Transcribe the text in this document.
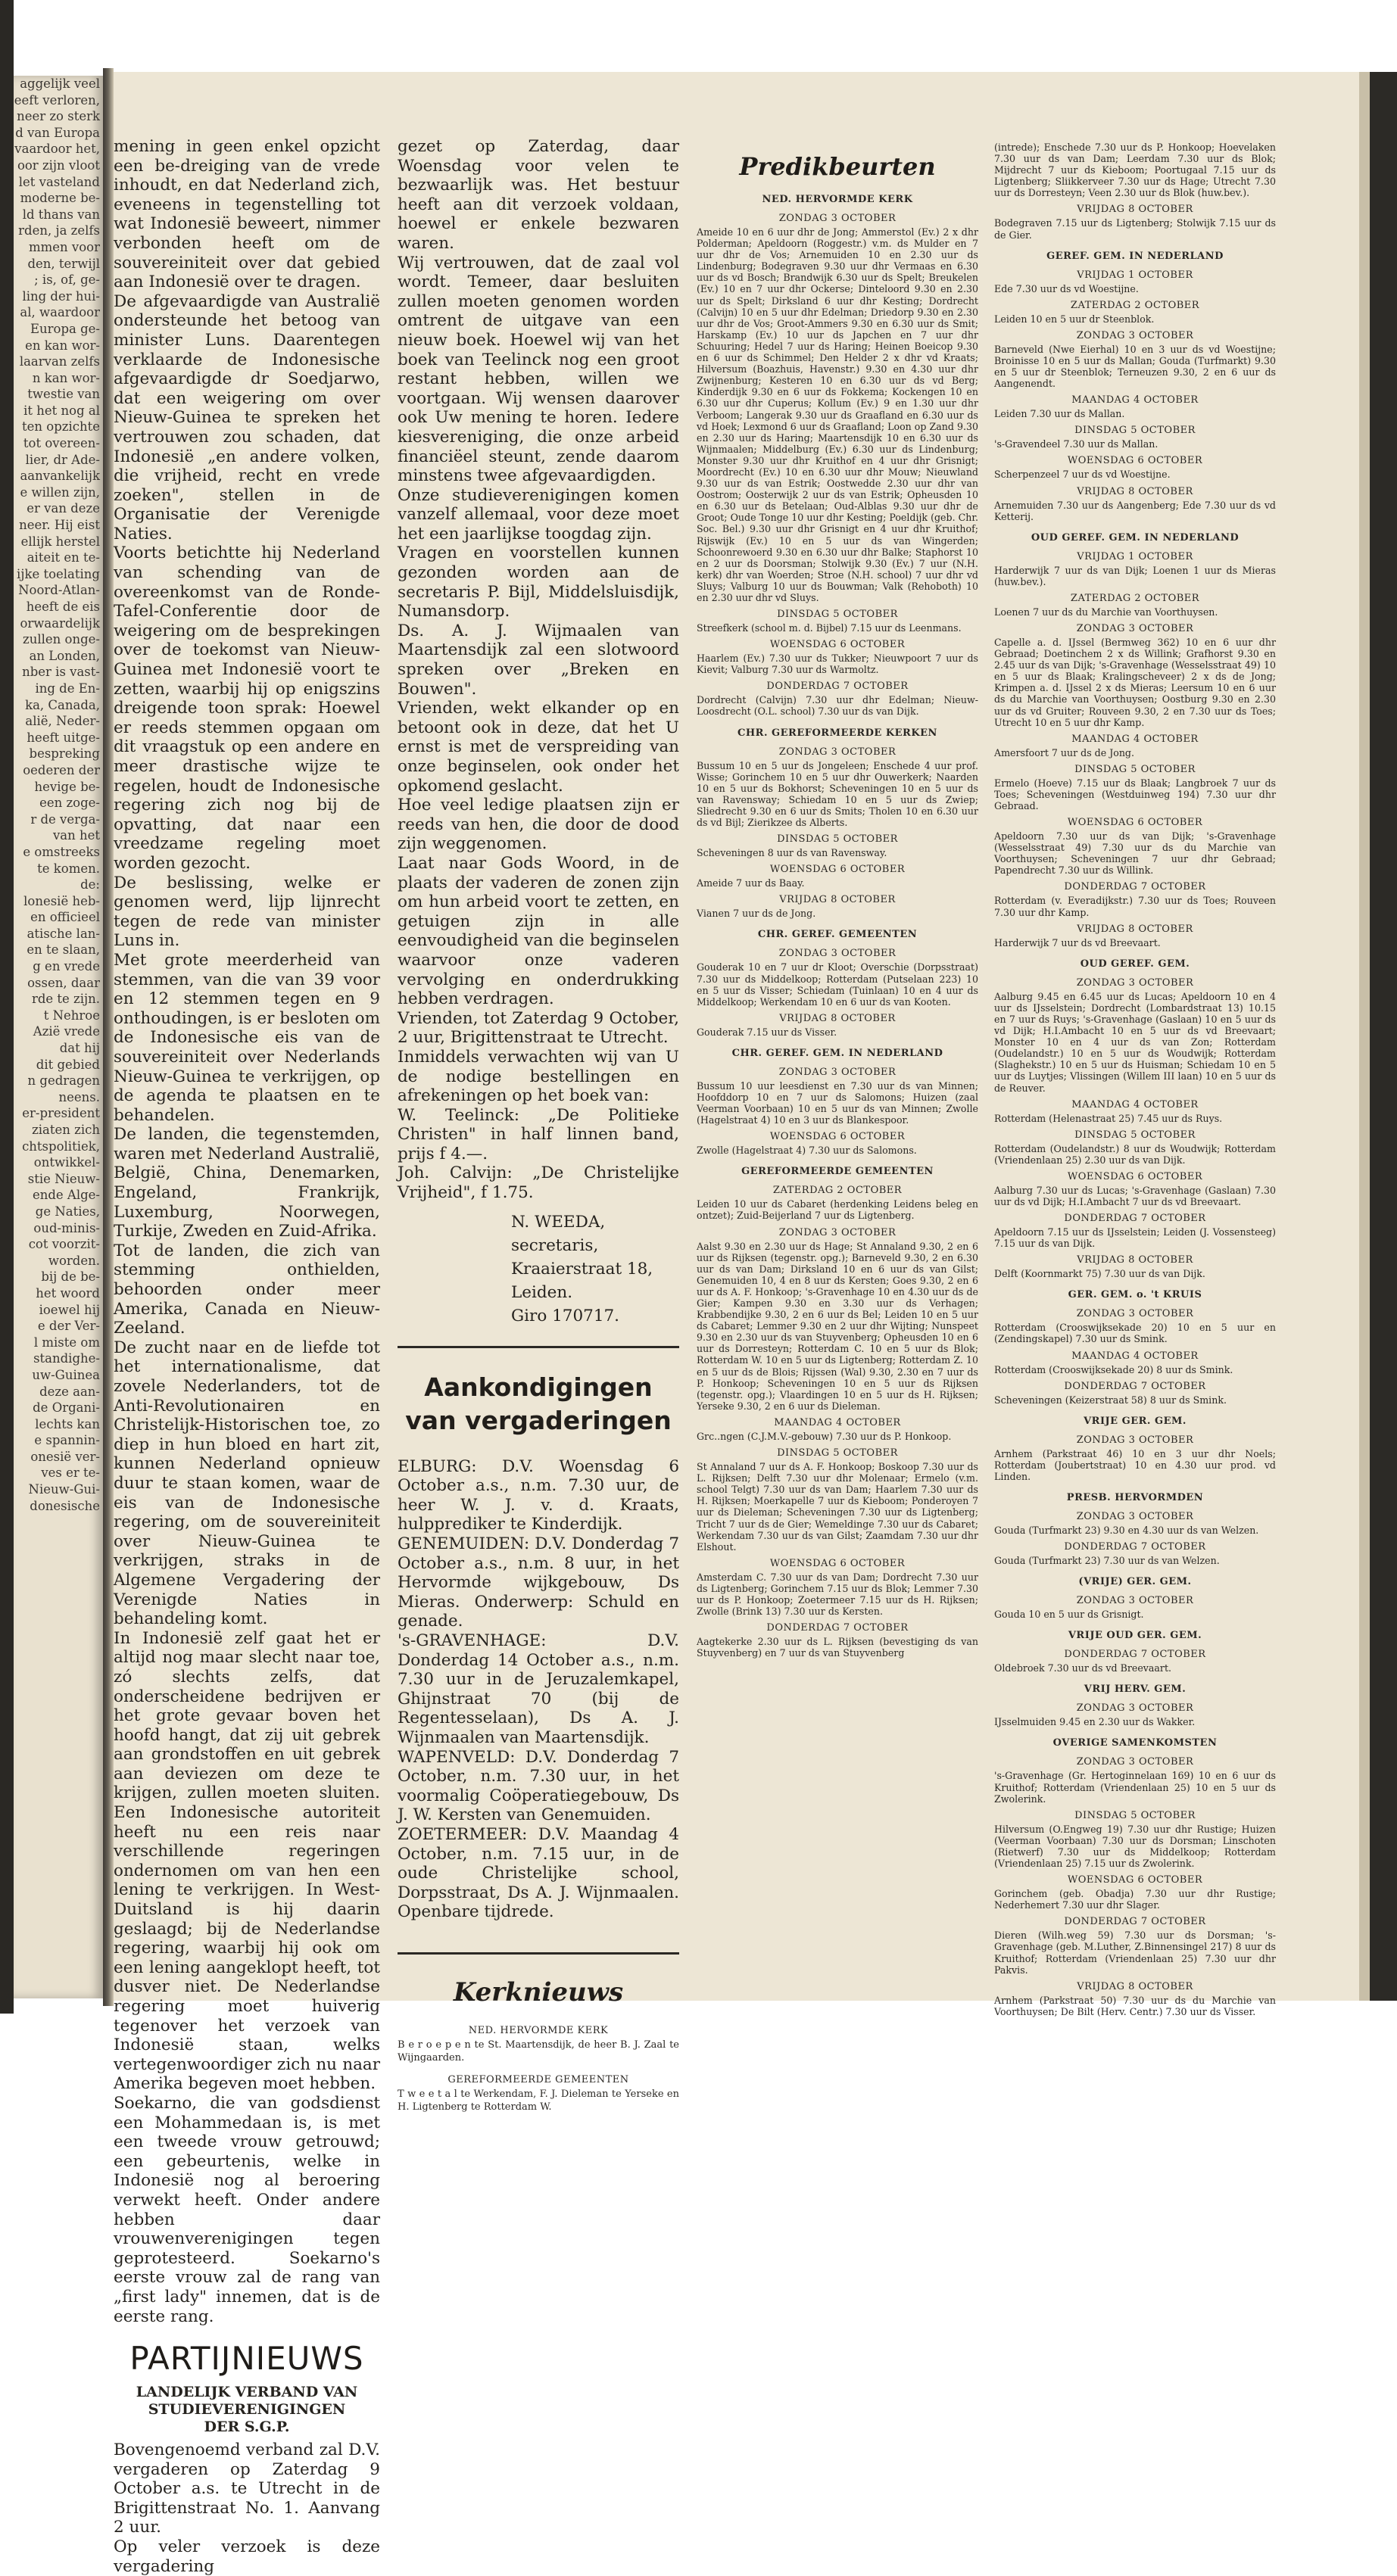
aggelijk veel
eeft verloren,
neer zo sterk
d van Europa
vaardoor het,
oor zijn vloot
let vasteland
moderne be-
ld thans van
rden, ja zelfs
mmen voor
den, terwijl
; is, of, ge-
ling der hui-
al, waardoor
Europa ge-
en kan wor-
laarvan zelfs
n kan wor-
twestie van
it het nog al
ten opzichte
tot overeen-
lier, dr Ade-
aanvankelijk
e willen zijn,
er van deze
neer. Hij eist
ellijk herstel
aiteit en te-
ijke toelating
Noord-Atlan-
heeft de eis
orwaardelijk
zullen onge-
an Londen,
nber is vast-
ing de En-
ka, Canada,
alië, Neder-
heeft uitge-
bespreking
oederen der
hevige be-
een zoge-
r de verga-
van het
e omstreeks
te komen.
de:
lonesië heb-
en officieel
atische lan-
en te slaan,
g en vrede
ossen, daar
rde te zijn.
t Nehroe
Azië vrede
dat hij
dit gebied
n gedragen
neens.
er-president
ziaten zich
chtspolitiek,
ontwikkel-
stie Nieuw-
ende Alge-
ge Naties,
oud-minis-
cot voorzit-
worden.
bij de be-
het woord
ioewel hij
e der Ver-
l miste om
standighe-
uw-Guinea
deze aan-
de Organi-
lechts kan
e spannin-
onesië ver-
ves er te-
Nieuw-Gui-
donesische

mening in geen enkel opzicht een be-dreiging van de vrede inhoudt, en dat Nederland zich, eveneens in tegenstelling tot wat Indonesië beweert, nimmer verbonden heeft om de souvereiniteit over dat gebied aan Indonesië over te dragen.

De afgevaardigde van Australië ondersteunde het betoog van minister Luns. Daarentegen verklaarde de Indonesische afgevaardigde dr Soedjarwo, dat een weigering om over Nieuw-Guinea te spreken het vertrouwen zou schaden, dat Indonesië „en andere volken, die vrijheid, recht en vrede zoeken", stellen in de Organisatie der Verenigde Naties.

Voorts betichtte hij Nederland van schending van de overeenkomst van de Ronde-Tafel-Conferentie door de weigering om de besprekingen over de toekomst van Nieuw-Guinea met Indonesië voort te zetten, waarbij hij op enigszins dreigende toon sprak: Hoewel er reeds stemmen opgaan om dit vraagstuk op een andere en meer drastische wijze te regelen, houdt de Indonesische regering zich nog bij de opvatting, dat naar een vreedzame regeling moet worden gezocht.

De beslissing, welke er genomen werd, lijp lijnrecht tegen de rede van minister Luns in.

Met grote meerderheid van stemmen, van die van 39 voor en 12 stemmen tegen en 9 onthoudingen, is er besloten om de Indonesische eis van de souvereiniteit over Nederlands Nieuw-Guinea te verkrijgen, op de agenda te plaatsen en te behandelen.

De landen, die tegenstemden, waren met Nederland Australië, België, China, Denemarken, Engeland, Frankrijk, Luxemburg, Noorwegen, Turkije, Zweden en Zuid-Afrika.

Tot de landen, die zich van stemming onthielden, behoorden onder meer Amerika, Canada en Nieuw-Zeeland.

De zucht naar en de liefde tot het internationalisme, dat zovele Nederlanders, tot de Anti-Revolutionairen en Christelijk-Historischen toe, zo diep in hun bloed en hart zit, kunnen Nederland opnieuw duur te staan komen, waar de eis van de Indonesische regering, om de souvereiniteit over Nieuw-Guinea te verkrijgen, straks in de Algemene Vergadering der Verenigde Naties in behandeling komt.

In Indonesië zelf gaat het er altijd nog maar slecht naar toe, zó slechts zelfs, dat onderscheidene bedrijven er het grote gevaar boven het hoofd hangt, dat zij uit gebrek aan grondstoffen en uit gebrek aan deviezen om deze te krijgen, zullen moeten sluiten. Een Indonesische autoriteit heeft nu een reis naar verschillende regeringen ondernomen om van hen een lening te verkrijgen. In West-Duitsland is hij daarin geslaagd; bij de Nederlandse regering, waarbij hij ook om een lening aangeklopt heeft, tot dusver niet. De Nederlandse regering moet huiverig tegenover het verzoek van Indonesië staan, welks vertegenwoordiger zich nu naar Amerika begeven moet hebben.

Soekarno, die van godsdienst een Mohammedaan is, is met een tweede vrouw getrouwd; een gebeurtenis, welke in Indonesië nog al beroering verwekt heeft. Onder andere hebben daar vrouwenverenigingen tegen geprotesteerd. Soekarno's eerste vrouw zal de rang van „first lady" innemen, dat is de eerste rang.

PARTIJNIEUWS

LANDELIJK VERBAND VAN STUDIEVERENIGINGEN

DER S.G.P.

Bovengenoemd verband zal D.V. vergaderen op Zaterdag 9 October a.s. te Utrecht in de Brigittenstraat No. 1. Aanvang 2 uur.

Op veler verzoek is deze vergadering

gezet op Zaterdag, daar Woensdag voor velen te bezwaarlijk was. Het bestuur heeft aan dit verzoek voldaan, hoewel er enkele bezwaren waren.

Wij vertrouwen, dat de zaal vol wordt. Temeer, daar besluiten zullen moeten genomen worden omtrent de uitgave van een nieuw boek. Hoewel wij van het boek van Teelinck nog een groot restant hebben, willen we voortgaan. Wij wensen daarover ook Uw mening te horen. Iedere kiesvereniging, die onze arbeid financiëel steunt, zende daarom minstens twee afgevaardigden.

Onze studieverenigingen komen vanzelf allemaal, voor deze moet het een jaarlijkse toogdag zijn.

Vragen en voorstellen kunnen gezonden worden aan de secretaris P. Bijl, Middelsluisdijk, Numansdorp.

Ds. A. J. Wijmaalen van Maartensdijk zal een slotwoord spreken over „Breken en Bouwen".

Vrienden, wekt elkander op en betoont ook in deze, dat het U ernst is met de verspreiding van onze beginselen, ook onder het opkomend geslacht.

Hoe veel ledige plaatsen zijn er reeds van hen, die door de dood zijn weggenomen.

Laat naar Gods Woord, in de plaats der vaderen de zonen zijn om hun arbeid voort te zetten, en getuigen zijn in alle eenvoudigheid van die beginselen waarvoor onze vaderen vervolging en onderdrukking hebben verdragen.

Vrienden, tot Zaterdag 9 October, 2 uur, Brigittenstraat te Utrecht.

Inmiddels verwachten wij van U de nodige bestellingen en afrekeningen op het boek van:

W. Teelinck: „De Politieke Christen" in half linnen band, prijs f 4.—.

Joh. Calvijn: „De Christelijke Vrijheid", f 1.75.

N. WEEDA, secretaris,

Kraaierstraat 18,

Leiden.

Giro 170717.

Aankondigingen van vergaderingen

ELBURG: D.V. Woensdag 6 October a.s., n.m. 7.30 uur, de heer W. J. v. d. Kraats, hulpprediker te Kinderdijk.

GENEMUIDEN: D.V. Donderdag 7 October a.s., n.m. 8 uur, in het Hervormde wijkgebouw, Ds Mieras. Onderwerp: Schuld en genade.

's-GRAVENHAGE: D.V. Donderdag 14 October a.s., n.m. 7.30 uur in de Jeruzalemkapel, Ghijnstraat 70 (bij de Regentesselaan), Ds A. J. Wijnmaalen van Maartensdijk.

WAPENVELD: D.V. Donderdag 7 October, n.m. 7.30 uur, in het voormalig Coöperatiegebouw, Ds J. W. Kersten van Genemuiden.

ZOETERMEER: D.V. Maandag 4 October, n.m. 7.15 uur, in de oude Christelijke school, Dorpsstraat, Ds A. J. Wijnmaalen. Openbare tijdrede.

Kerknieuws

NED. HERVORMDE KERK

B e r o e p e n te St. Maartensdijk, de heer B. J. Zaal te Wijngaarden.

GEREFORMEERDE GEMEENTEN

T w e e t a l te Werkendam, F. J. Dieleman te Yerseke en H. Ligtenberg te Rotterdam W.

Predikbeurten

NED. HERVORMDE KERK

ZONDAG 3 OCTOBER

Ameide 10 en 6 uur dhr de Jong; Ammerstol (Ev.) 2 x dhr Polderman; Apeldoorn (Roggestr.) v.m. ds Mulder en 7 uur dhr de Vos; Arnemuiden 10 en 2.30 uur ds Lindenburg; Bodegraven 9.30 uur dhr Vermaas en 6.30 uur ds vd Bosch; Brandwijk 6.30 uur ds Spelt; Breukelen (Ev.) 10 en 7 uur dhr Ockerse; Dinteloord 9.30 en 2.30 uur ds Spelt; Dirksland 6 uur dhr Kesting; Dordrecht (Calvijn) 10 en 5 uur dhr Edelman; Driedorp 9.30 en 2.30 uur dhr de Vos; Groot-Ammers 9.30 en 6.30 uur ds Smit; Harskamp (Ev.) 10 uur ds Japchen en 7 uur dhr Schuuring; Hedel 7 uur ds Haring; Heinen Boeicop 9.30 en 6 uur ds Schimmel; Den Helder 2 x dhr vd Kraats; Hilversum (Boazhuis, Havenstr.) 9.30 en 4.30 uur dhr Zwijnenburg; Kesteren 10 en 6.30 uur ds vd Berg; Kinderdijk 9.30 en 6 uur ds Fokkema; Kockengen 10 en 6.30 uur dhr Cuperus; Kollum (Ev.) 9 en 1.30 uur dhr Verboom; Langerak 9.30 uur ds Graafland en 6.30 uur ds vd Hoek; Lexmond 6 uur ds Graafland; Loon op Zand 9.30 en 2.30 uur ds Haring; Maartensdijk 10 en 6.30 uur ds Wijnmaalen; Middelburg (Ev.) 6.30 uur ds Lindenburg; Monster 9.30 uur dhr Kruithof en 4 uur dhr Grisnigt; Moordrecht (Ev.) 10 en 6.30 uur dhr Mouw; Nieuwland 9.30 uur ds van Estrik; Oostwedde 2.30 uur dhr van Oostrom; Oosterwijk 2 uur ds van Estrik; Opheusden 10 en 6.30 uur ds Betelaan; Oud-Alblas 9.30 uur dhr de Groot; Oude Tonge 10 uur dhr Kesting; Poeldijk (geb. Chr. Soc. Bel.) 9.30 uur dhr Grisnigt en 4 uur dhr Kruithof; Rijswijk (Ev.) 10 en 5 uur ds van Wingerden; Schoonrewoerd 9.30 en 6.30 uur dhr Balke; Staphorst 10 en 2 uur ds Doorsman; Stolwijk 9.30 (Ev.) 7 uur (N.H. kerk) dhr van Woerden; Stroe (N.H. school) 7 uur dhr vd Sluys; Valburg 10 uur ds Bouwman; Valk (Rehoboth) 10 en 2.30 uur dhr vd Sluys.

DINSDAG 5 OCTOBER

Streefkerk (school m. d. Bijbel) 7.15 uur ds Leenmans.

WOENSDAG 6 OCTOBER

Haarlem (Ev.) 7.30 uur ds Tukker; Nieuwpoort 7 uur ds Kievit; Valburg 7.30 uur ds Warmoltz.

DONDERDAG 7 OCTOBER

Dordrecht (Calvijn) 7.30 uur dhr Edelman; Nieuw-Loosdrecht (O.L. school) 7.30 uur ds van Dijk.

CHR. GEREFORMEERDE KERKEN

ZONDAG 3 OCTOBER

Bussum 10 en 5 uur ds Jongeleen; Enschede 4 uur prof. Wisse; Gorinchem 10 en 5 uur dhr Ouwerkerk; Naarden 10 en 5 uur ds Bokhorst; Scheveningen 10 en 5 uur ds van Ravensway; Schiedam 10 en 5 uur ds Zwiep; Sliedrecht 9.30 en 6 uur ds Smits; Tholen 10 en 6.30 uur ds vd Bijl; Zierikzee ds Alberts.

DINSDAG 5 OCTOBER

Scheveningen 8 uur ds van Ravensway.

WOENSDAG 6 OCTOBER

Ameide 7 uur ds Baay.

VRIJDAG 8 OCTOBER

Vianen 7 uur ds de Jong.

CHR. GEREF. GEMEENTEN

ZONDAG 3 OCTOBER

Gouderak 10 en 7 uur dr Kloot; Overschie (Dorpsstraat) 7.30 uur ds Middelkoop; Rotterdam (Putselaan 223) 10 en 5 uur ds Visser; Schiedam (Tuinlaan) 10 en 4 uur ds Middelkoop; Werkendam 10 en 6 uur ds van Kooten.

VRIJDAG 8 OCTOBER

Gouderak 7.15 uur ds Visser.

CHR. GEREF. GEM. IN NEDERLAND

ZONDAG 3 OCTOBER

Bussum 10 uur leesdienst en 7.30 uur ds van Minnen; Hoofddorp 10 en 7 uur ds Salomons; Huizen (zaal Veerman Voorbaan) 10 en 5 uur ds van Minnen; Zwolle (Hagelstraat 4) 10 en 3 uur ds Blankespoor.

WOENSDAG 6 OCTOBER

Zwolle (Hagelstraat 4) 7.30 uur ds Salomons.

GEREFORMEERDE GEMEENTEN

ZATERDAG 2 OCTOBER

Leiden 10 uur ds Cabaret (herdenking Leidens beleg en ontzet); Zuid-Beijerland 7 uur ds Ligtenberg.

ZONDAG 3 OCTOBER

Aalst 9.30 en 2.30 uur ds Hage; St Annaland 9.30, 2 en 6 uur ds Rijksen (tegenstr. opg.); Barneveld 9.30, 2 en 6.30 uur ds van Dam; Dirksland 10 en 6 uur ds van Gilst; Genemuiden 10, 4 en 8 uur ds Kersten; Goes 9.30, 2 en 6 uur ds A. F. Honkoop; 's-Gravenhage 10 en 4.30 uur ds de Gier; Kampen 9.30 en 3.30 uur ds Verhagen; Krabbendijke 9.30, 2 en 6 uur ds Bel; Leiden 10 en 5 uur ds Cabaret; Lemmer 9.30 en 2 uur dhr Wijting; Nunspeet 9.30 en 2.30 uur ds van Stuyvenberg; Opheusden 10 en 6 uur ds Dorresteyn; Rotterdam C. 10 en 5 uur ds Blok; Rotterdam W. 10 en 5 uur ds Ligtenberg; Rotterdam Z. 10 en 5 uur ds de Blois; Rijssen (Wal) 9.30, 2.30 en 7 uur ds P. Honkoop; Scheveningen 10 en 5 uur ds Rijksen (tegenstr. opg.); Vlaardingen 10 en 5 uur ds H. Rijksen; Yerseke 9.30, 2 en 6 uur ds Dieleman.

MAANDAG 4 OCTOBER

Grc..ngen (C.J.M.V.-gebouw) 7.30 uur ds P. Honkoop.

DINSDAG 5 OCTOBER

St Annaland 7 uur ds A. F. Honkoop; Boskoop 7.30 uur ds L. Rijksen; Delft 7.30 uur dhr Molenaar; Ermelo (v.m. school Telgt) 7.30 uur ds van Dam; Haarlem 7.30 uur ds H. Rijksen; Moerkapelle 7 uur ds Kieboom; Ponderoyen 7 uur ds Dieleman; Scheveningen 7.30 uur ds Ligtenberg; Tricht 7 uur ds de Gier; Wemeldinge 7.30 uur ds Cabaret; Werkendam 7.30 uur ds van Gilst; Zaamdam 7.30 uur dhr Elshout.

WOENSDAG 6 OCTOBER

Amsterdam C. 7.30 uur ds van Dam; Dordrecht 7.30 uur ds Ligtenberg; Gorinchem 7.15 uur ds Blok; Lemmer 7.30 uur ds P. Honkoop; Zoetermeer 7.15 uur ds H. Rijksen; Zwolle (Brink 13) 7.30 uur ds Kersten.

DONDERDAG 7 OCTOBER

Aagtekerke 2.30 uur ds L. Rijksen (bevestiging ds van Stuyvenberg) en 7 uur ds van Stuyvenberg

(intrede); Enschede 7.30 uur ds P. Honkoop; Hoevelaken 7.30 uur ds van Dam; Leerdam 7.30 uur ds Blok; Mijdrecht 7 uur ds Kieboom; Poortugaal 7.15 uur ds Ligtenberg; Sliikkerveer 7.30 uur ds Hage; Utrecht 7.30 uur ds Dorresteyn; Veen 2.30 uur ds Blok (huw.bev.).

VRIJDAG 8 OCTOBER

Bodegraven 7.15 uur ds Ligtenberg; Stolwijk 7.15 uur ds de Gier.

GEREF. GEM. IN NEDERLAND

VRIJDAG 1 OCTOBER

Ede 7.30 uur ds vd Woestijne.

ZATERDAG 2 OCTOBER

Leiden 10 en 5 uur dr Steenblok.

ZONDAG 3 OCTOBER

Barneveld (Nwe Eierhal) 10 en 3 uur ds vd Woestijne; Broinisse 10 en 5 uur ds Mallan; Gouda (Turfmarkt) 9.30 en 5 uur dr Steenblok; Terneuzen 9.30, 2 en 6 uur ds Aangenendt.

MAANDAG 4 OCTOBER

Leiden 7.30 uur ds Mallan.

DINSDAG 5 OCTOBER

's-Gravendeel 7.30 uur ds Mallan.

WOENSDAG 6 OCTOBER

Scherpenzeel 7 uur ds vd Woestijne.

VRIJDAG 8 OCTOBER

Arnemuiden 7.30 uur ds Aangenberg; Ede 7.30 uur ds vd Ketterij.

OUD GEREF. GEM. IN NEDERLAND

VRIJDAG 1 OCTOBER

Harderwijk 7 uur ds van Dijk; Loenen 1 uur ds Mieras (huw.bev.).

ZATERDAG 2 OCTOBER

Loenen 7 uur ds du Marchie van Voorthuysen.

ZONDAG 3 OCTOBER

Capelle a. d. IJssel (Bermweg 362) 10 en 6 uur dhr Gebraad; Doetinchem 2 x ds Willink; Grafhorst 9.30 en 2.45 uur ds van Dijk; 's-Gravenhage (Wesselsstraat 49) 10 en 5 uur ds Blaak; Kralingscheveer) 2 x ds de Jong; Krimpen a. d. IJssel 2 x ds Mieras; Leersum 10 en 6 uur ds du Marchie van Voorthuysen; Oostburg 9.30 en 2.30 uur ds vd Gruiter; Rouveen 9.30, 2 en 7.30 uur ds Toes; Utrecht 10 en 5 uur dhr Kamp.

MAANDAG 4 OCTOBER

Amersfoort 7 uur ds de Jong.

DINSDAG 5 OCTOBER

Ermelo (Hoeve) 7.15 uur ds Blaak; Langbroek 7 uur ds Toes; Scheveningen (Westduinweg 194) 7.30 uur dhr Gebraad.

WOENSDAG 6 OCTOBER

Apeldoorn 7.30 uur ds van Dijk; 's-Gravenhage (Wesselsstraat 49) 7.30 uur ds du Marchie van Voorthuysen; Scheveningen 7 uur dhr Gebraad; Papendrecht 7.30 uur ds Willink.

DONDERDAG 7 OCTOBER

Rotterdam (v. Everadijkstr.) 7.30 uur ds Toes; Rouveen 7.30 uur dhr Kamp.

VRIJDAG 8 OCTOBER

Harderwijk 7 uur ds vd Breevaart.

OUD GEREF. GEM.

ZONDAG 3 OCTOBER

Aalburg 9.45 en 6.45 uur ds Lucas; Apeldoorn 10 en 4 uur ds IJsselstein; Dordrecht (Lombardstraat 13) 10.15 en 7 uur ds Ruys; 's-Gravenhage (Gaslaan) 10 en 5 uur ds vd Dijk; H.I.Ambacht 10 en 5 uur ds vd Breevaart; Monster 10 en 4 uur ds van Zon; Rotterdam (Oudelandstr.) 10 en 5 uur ds Woudwijk; Rotterdam (Slaghekstr.) 10 en 5 uur ds Huisman; Schiedam 10 en 5 uur ds Luytjes; Vlissingen (Willem III laan) 10 en 5 uur ds de Reuver.

MAANDAG 4 OCTOBER

Rotterdam (Helenastraat 25) 7.45 uur ds Ruys.

DINSDAG 5 OCTOBER

Rotterdam (Oudelandstr.) 8 uur ds Woudwijk; Rotterdam (Vriendenlaan 25) 2.30 uur ds van Dijk.

WOENSDAG 6 OCTOBER

Aalburg 7.30 uur ds Lucas; 's-Gravenhage (Gaslaan) 7.30 uur ds vd Dijk; H.I.Ambacht 7 uur ds vd Breevaart.

DONDERDAG 7 OCTOBER

Apeldoorn 7.15 uur ds IJsselstein; Leiden (J. Vossensteeg) 7.15 uur ds van Dijk.

VRIJDAG 8 OCTOBER

Delft (Koornmarkt 75) 7.30 uur ds van Dijk.

GER. GEM. o. 't KRUIS

ZONDAG 3 OCTOBER

Rotterdam (Crooswijksekade 20) 10 en 5 uur en (Zendingskapel) 7.30 uur ds Smink.

MAANDAG 4 OCTOBER

Rotterdam (Crooswijksekade 20) 8 uur ds Smink.

DONDERDAG 7 OCTOBER

Scheveningen (Keizerstraat 58) 8 uur ds Smink.

VRIJE GER. GEM.

ZONDAG 3 OCTOBER

Arnhem (Parkstraat 46) 10 en 3 uur dhr Noels; Rotterdam (Joubertstraat) 10 en 4.30 uur prod. vd Linden.

PRESB. HERVORMDEN

ZONDAG 3 OCTOBER

Gouda (Turfmarkt 23) 9.30 en 4.30 uur ds van Welzen.

DONDERDAG 7 OCTOBER

Gouda (Turfmarkt 23) 7.30 uur ds van Welzen.

(VRIJE) GER. GEM.

ZONDAG 3 OCTOBER

Gouda 10 en 5 uur ds Grisnigt.

VRIJE OUD GER. GEM.

DONDERDAG 7 OCTOBER

Oldebroek 7.30 uur ds vd Breevaart.

VRIJ HERV. GEM.

ZONDAG 3 OCTOBER

IJsselmuiden 9.45 en 2.30 uur ds Wakker.

OVERIGE SAMENKOMSTEN

ZONDAG 3 OCTOBER

's-Gravenhage (Gr. Hertoginnelaan 169) 10 en 6 uur ds Kruithof; Rotterdam (Vriendenlaan 25) 10 en 5 uur ds Zwolerink.

DINSDAG 5 OCTOBER

Hilversum (O.Engweg 19) 7.30 uur dhr Rustige; Huizen (Veerman Voorbaan) 7.30 uur ds Dorsman; Linschoten (Rietwerf) 7.30 uur ds Middelkoop; Rotterdam (Vriendenlaan 25) 7.15 uur ds Zwolerink.

WOENSDAG 6 OCTOBER

Gorinchem (geb. Obadja) 7.30 uur dhr Rustige; Nederhemert 7.30 uur dhr Slager.

DONDERDAG 7 OCTOBER

Dieren (Wilh.weg 59) 7.30 uur ds Dorsman; 's-Gravenhage (geb. M.Luther, Z.Binnensingel 217) 8 uur ds Kruithof; Rotterdam (Vriendenlaan 25) 7.30 uur dhr Pakvis.

VRIJDAG 8 OCTOBER

Arnhem (Parkstraat 50) 7.30 uur ds du Marchie van Voorthuysen; De Bilt (Herv. Centr.) 7.30 uur ds Visser.
